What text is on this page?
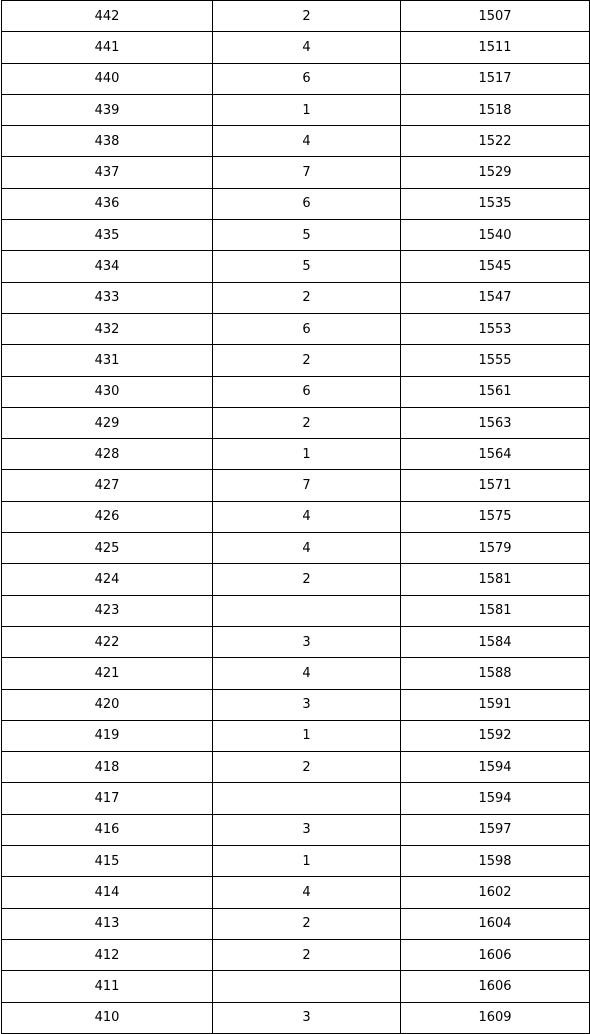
442	2	1507
441	4	1511
440	6	1517
439	1	1518
438	4	1522
437	7	1529
436	6	1535
435	5	1540
434	5	1545
433	2	1547
432	6	1553
431	2	1555
430	6	1561
429	2	1563
428	1	1564
427	7	1571
426	4	1575
425	4	1579
424	2	1581
423		1581
422	3	1584
421	4	1588
420	3	1591
419	1	1592
418	2	1594
417		1594
416	3	1597
415	1	1598
414	4	1602
413	2	1604
412	2	1606
411		1606
410	3	1609
